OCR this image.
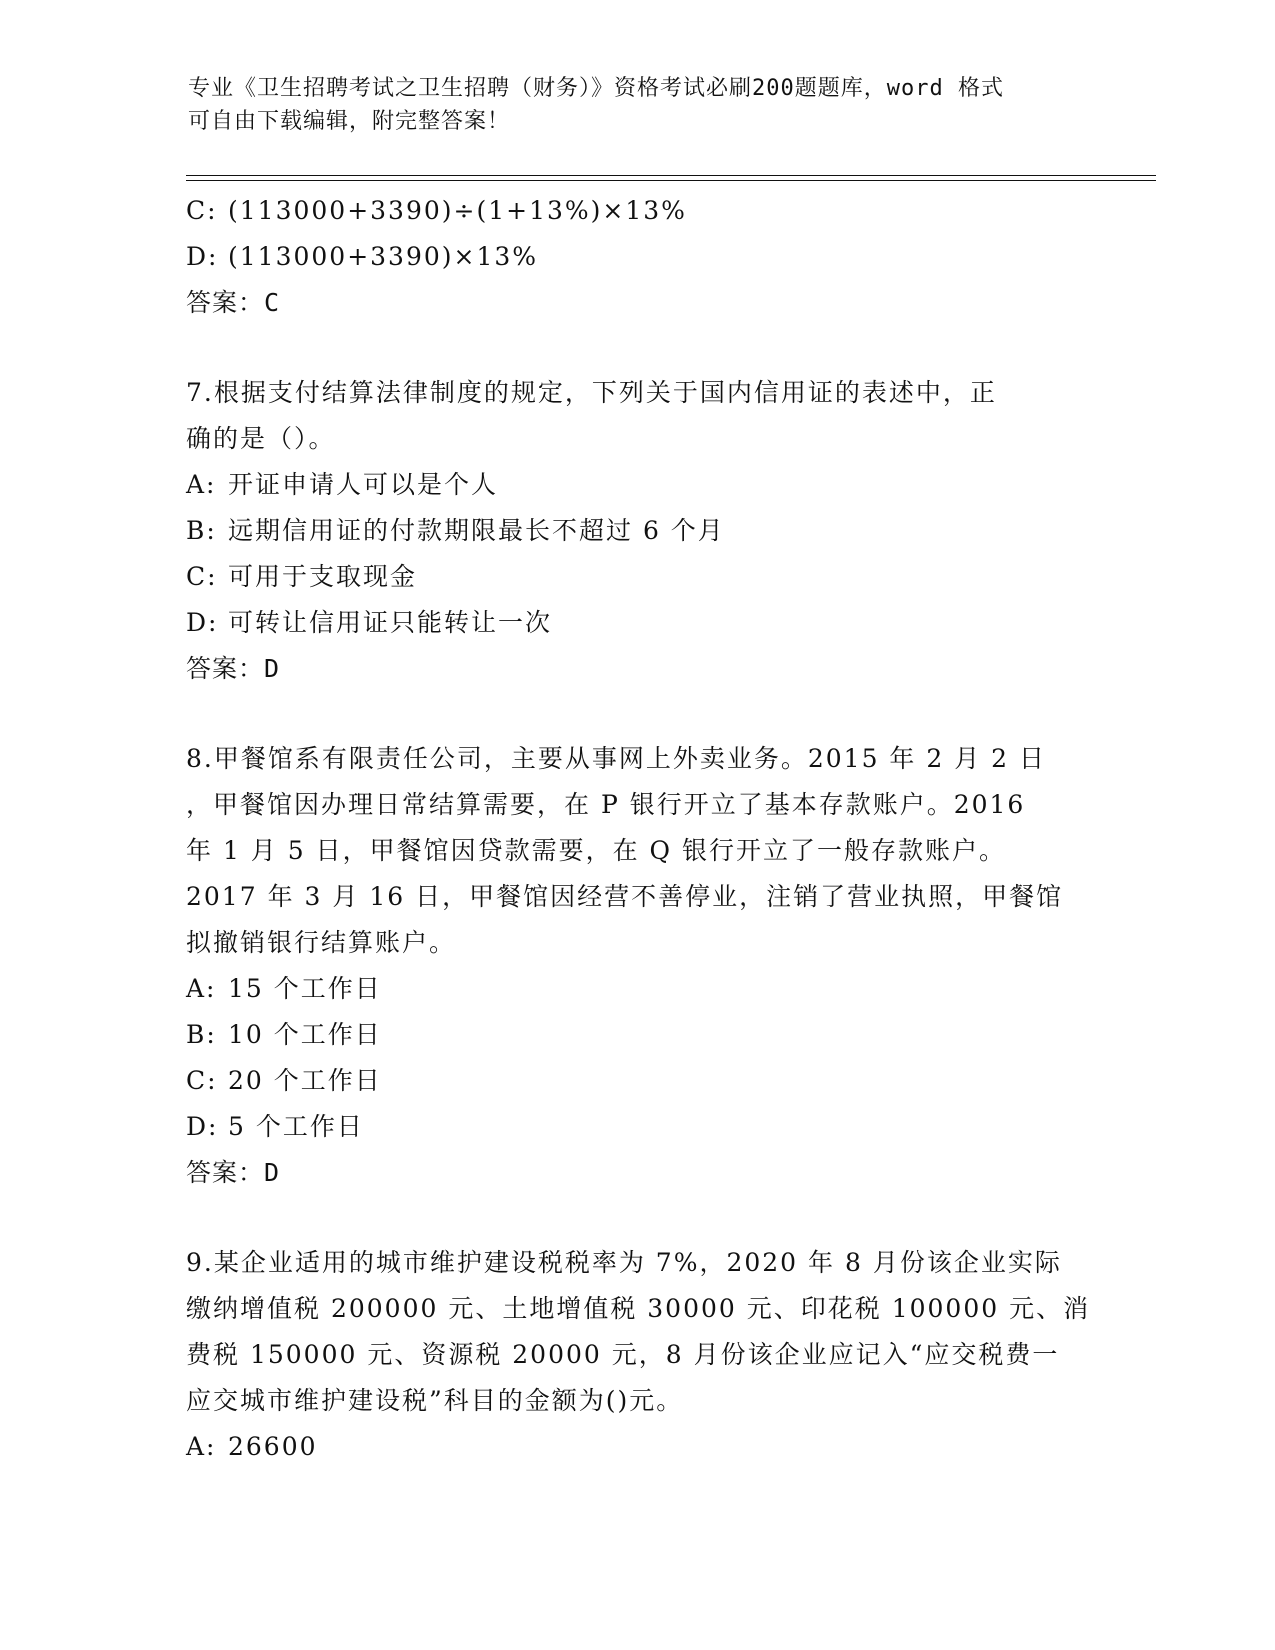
专业《卫生招聘考试之卫生招聘（财务）》资格考试必刷200题题库，word 格式
可自由下载编辑，附完整答案！
C: (113000+3390)÷(1+13%)×13%
D: (113000+3390)×13%
答案：C
7.根据支付结算法律制度的规定，下列关于国内信用证的表述中，正
确的是（）。
A: 开证申请人可以是个人
B: 远期信用证的付款期限最长不超过 6 个月
C: 可用于支取现金
D: 可转让信用证只能转让一次
答案：D
8.甲餐馆系有限责任公司，主要从事网上外卖业务。2015 年 2 月 2 日
，甲餐馆因办理日常结算需要，在 P 银行开立了基本存款账户。2016
年 1 月 5 日，甲餐馆因贷款需要，在 Q 银行开立了一般存款账户。
2017 年 3 月 16 日，甲餐馆因经营不善停业，注销了营业执照，甲餐馆
拟撤销银行结算账户。
A: 15 个工作日
B: 10 个工作日
C: 20 个工作日
D: 5 个工作日
答案：D
9.某企业适用的城市维护建设税税率为 7%，2020 年 8 月份该企业实际
缴纳增值税 200000 元、土地增值税 30000 元、印花税 100000 元、消
费税 150000 元、资源税 20000 元，8 月份该企业应记入“应交税费一
应交城市维护建设税”科目的金额为()元。
A: 26600
